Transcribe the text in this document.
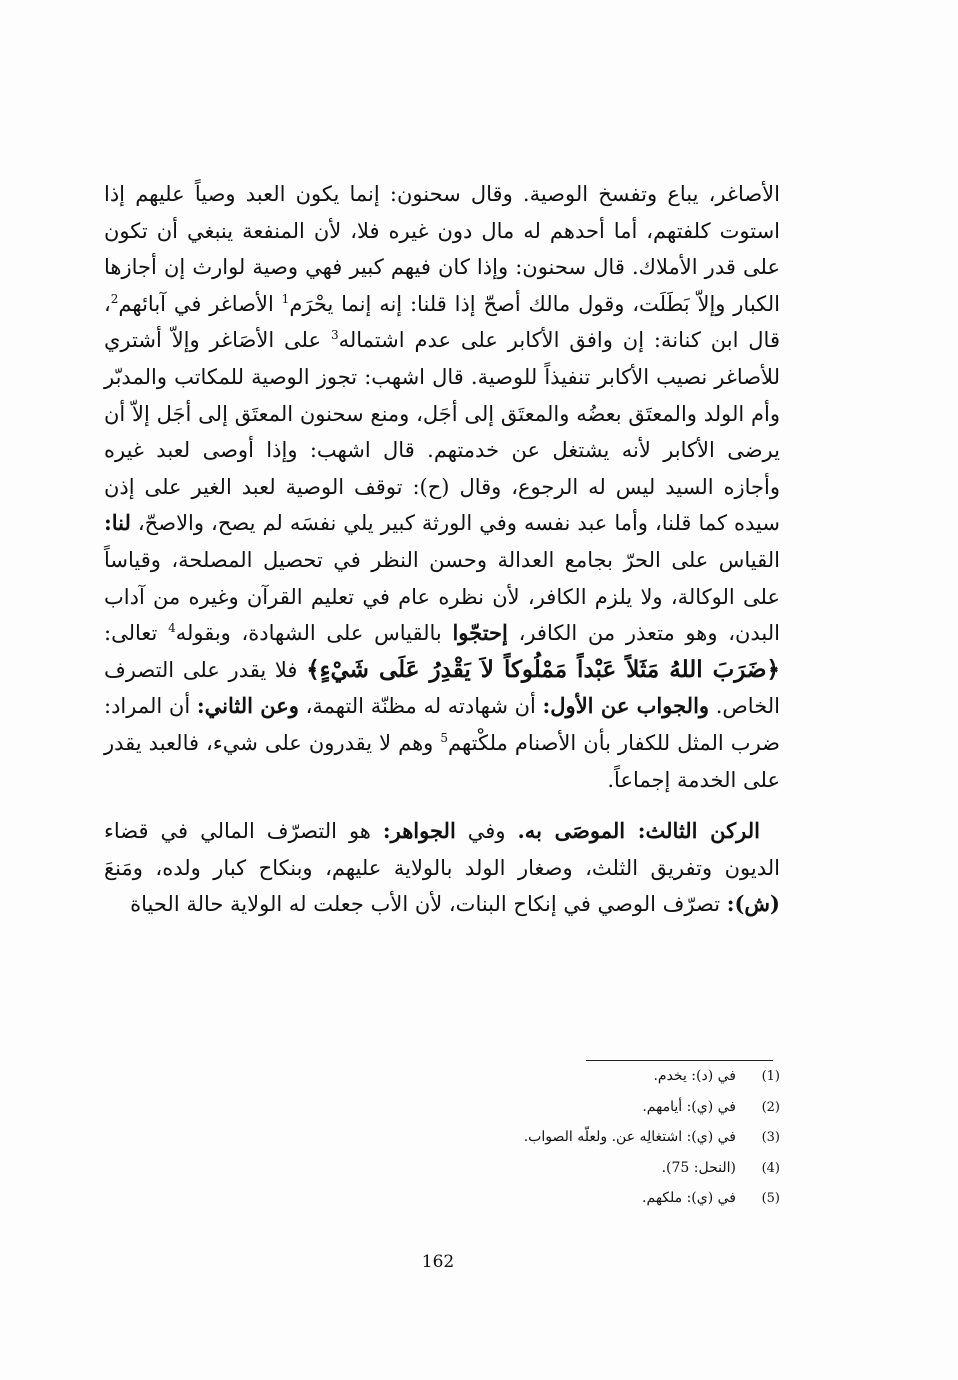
الأصاغر، يباع وتفسخ الوصية. وقال سحنون: إنما يكون العبد وصياً عليهم إذا استوت كلفتهم، أما أحدهم له مال دون غيره فلا، لأن المنفعة ينبغي أن تكون على قدر الأملاك. قال سحنون: وإذا كان فيهم كبير فهي وصية لوارث إن أجازها الكبار وإلاّ بَطَلَت، وقول مالك أصحّ إذا قلنا: إنه إنما يحْرَم$^1$ الأصاغر في آبائهم$^2$، قال ابن كنانة: إن وافق الأكابر على عدم اشتماله$^3$ على الأصَاغر وإلاّ أشتري للأصاغر نصيب الأكابر تنفيذاً للوصية. قال اشهب: تجوز الوصية للمكاتب والمدبّر وأم الولد والمعتَق بعضُه والمعتَق إلى أجَل، ومنع سحنون المعتَق إلى أجَل إلاّ أن يرضى الأكابر لأنه يشتغل عن خدمتهم. قال اشهب: وإذا أوصى لعبد غيره وأجازه السيد ليس له الرجوع، وقال (ح): توقف الوصية لعبد الغير على إذن سيده كما قلنا، وأما عبد نفسه وفي الورثة كبير يلي نفسَه لم يصح، والاصحّ، لنا: القياس على الحرّ بجامع العدالة وحسن النظر في تحصيل المصلحة، وقياساً على الوكالة، ولا يلزم الكافر، لأن نظره عام في تعليم القرآن وغيره من آداب البدن، وهو متعذر من الكافر، إحتجّوا بالقياس على الشهادة، وبقوله$^4$ تعالى: ﴿ضَرَبَ اللهُ مَثَلاً عَبْداً مَمْلُوكاً لاَ يَقْدِرُ عَلَى شَيْءٍ﴾ فلا يقدر على التصرف الخاص. والجواب عن الأول: أن شهادته له مظنّة التهمة، وعن الثاني: أن المراد: ضرب المثل للكفار بأن الأصنام ملكْتهم$^5$ وهم لا يقدرون على شيء، فالعبد يقدر على الخدمة إجماعاً.

الركن الثالث: الموصَى به. وفي الجواهر: هو التصرّف المالي في قضاء الديون وتفريق الثلث، وصغار الولد بالولاية عليهم، وبنكاح كبار ولده، ومَنعَ (ش): تصرّف الوصي في إنكاح البنات، لأن الأب جعلت له الولاية حالة الحياة

(1)
في (د): يخدم.
(2)
في (ي): أيامهم.
(3)
في (ي): اشتغالِه عن. ولعلّه الصواب.
(4)
(النحل: 75).
(5)
في (ي): ملكهم.
162
